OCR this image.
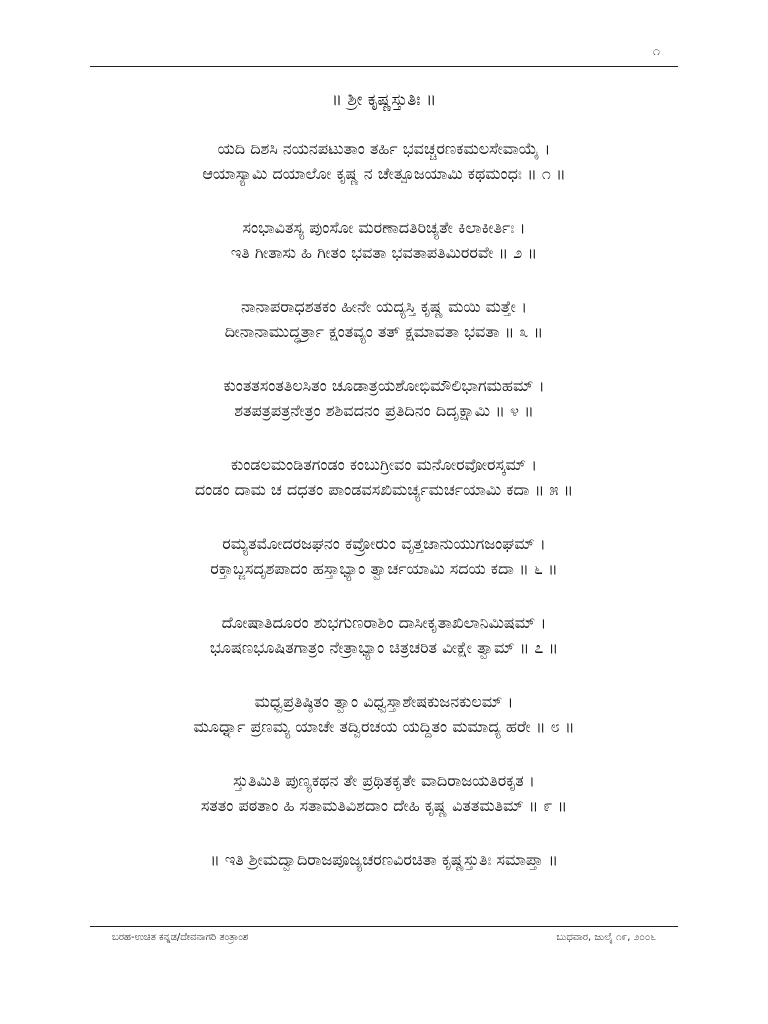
೧
॥ ಶ್ರೀ ಕೃಷ್ಣಸ್ತುತಿಃ ॥
ಯದಿ ದಿಶಸಿ ನಯನಪಟುತಾಂ ತರ್ಹಿ ಭವಚ್ಚರಣಕಮಲಸೇವಾಯೈ ।
ಆಯಾಸ್ಯಾಮಿ ದಯಾಲೋ ಕೃಷ್ಣ ನ ಚೇತ್ಪೂಜಯಾಮಿ ಕಥಮಂಧಃ ॥ ೧ ॥
ಸಂಭಾವಿತಸ್ಯ ಪುಂಸೋ ಮರಣಾದತಿರಿಚ್ಯತೇ ಕಿಲಾಕೀರ್ತಿಃ ।
ಇತಿ ಗೀತಾಸು ಹಿ ಗೀತಂ ಭವತಾ ಭವತಾಪತಿಮಿರರವೇ ॥ ೨ ॥
ನಾನಾಪರಾಧಶತಕಂ ಹೀನೇ ಯದ್ಯಸ್ತಿ ಕೃಷ್ಣ ಮಯಿ ಮತ್ತೇ ।
ದೀನಾನಾಮುದ್ಧರ್ತ್ರಾ ಕ್ಷಂತವ್ಯಂ ತತ್ ಕ್ಷಮಾವತಾ ಭವತಾ ॥ ೩ ॥
ಕುಂತತಸಂತತಿಲಸಿತಂ ಚೂಡಾತ್ರಯಶೋಭಿಮೌಲಿಭಾಗಮಹಮ್ ।
ಶತಪತ್ರಪತ್ರನೇತ್ರಂ ಶಶಿವದನಂ ಪ್ರತಿದಿನಂ ದಿದೃಕ್ಷಾಮಿ ॥ ೪ ॥
ಕುಂಡಲಮಂಡಿತಗಂಡಂ ಕಂಬುಗ್ರೀವಂ ಮನೋರವೋರಸ್ಕಮ್ ।
ದಂಡಂ ದಾಮ ಚ ದಧತಂ ಪಾಂಡವಸಖಿಮರ್ಚ್ಯಮರ್ಚಯಾಮಿ ಕದಾ ॥ ೫ ॥
ರಮ್ಯತಮೋದರಜಘನಂ ಕವ್ರೋರುಂ ವೃತ್ತಜಾನುಯುಗಜಂಘಮ್ ।
ರಕ್ತಾಬ್ಜಸದೃಶಪಾದಂ ಹಸ್ತಾಭ್ಯಾಂ ತ್ವಾರ್ಚಯಾಮಿ ಸದಯ ಕದಾ ॥ ೬ ॥
ದೋಷಾತಿದೂರಂ ಶುಭಗುಣರಾಶಿಂ ದಾಸೀಕೃತಾಖಿಲಾನಿಮಿಷಮ್ ।
ಭೂಷಣಭೂಷಿತಗಾತ್ರಂ ನೇತ್ರಾಭ್ಯಾಂ ಚಿತ್ರಚರಿತ ವೀಕ್ಷೇ ತ್ವಾಮ್ ॥ ೭ ॥
ಮಧ್ವಪ್ರತಿಷ್ಠಿತಂ ತ್ವಾಂ ವಿಧ್ವಸ್ತಾಶೇಷಕುಜನಕುಲಮ್ ।
ಮೂರ್ಧ್ನಾ ಪ್ರಣಮ್ಯ ಯಾಚೇ ತದ್ವಿರಚಯ ಯದ್ದಿತಂ ಮಮಾದ್ಯ ಹರೇ ॥ ೮ ॥
ಸ್ತುತಿಮಿತಿ ಪುಣ್ಯಕಥನ ತೇ ಪ್ರಥಿತಕೃತೇ ವಾದಿರಾಜಯತಿರಕೃತ ।
ಸತತಂ ಪಠತಾಂ ಹಿ ಸತಾಮತಿವಿಶದಾಂ ದೇಹಿ ಕೃಷ್ಣ ವಿತತಮತಿಮ್ ॥ ೯ ॥
॥ ಇತಿ ಶ್ರೀಮದ್ವಾದಿರಾಜಪೂಜ್ಯಚರಣವಿರಚಿತಾ ಕೃಷ್ಣಸ್ತುತಿಃ ಸಮಾಪ್ತಾ ॥
ಬರಹ-ಉಚಿತ ಕನ್ನಡ/ದೇವನಾಗರಿ ತಂತ್ರಾಂಶ	ಬುಧವಾರ, ಜುಲೈ ೧೯, ೨೦೦೬
